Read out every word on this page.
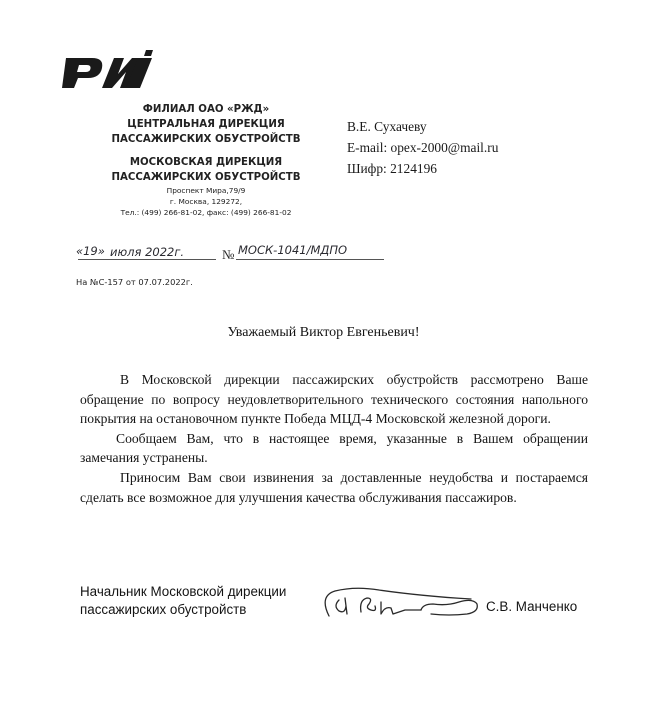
ФИЛИАЛ ОАО «РЖД»
ЦЕНТРАЛЬНАЯ ДИРЕКЦИЯ
ПАССАЖИРСКИХ ОБУСТРОЙСТВ
МОСКОВСКАЯ ДИРЕКЦИЯ
ПАССАЖИРСКИХ ОБУСТРОЙСТВ
Проспект Мира,79/9
г. Москва, 129272,
Тел.: (499) 266-81-02, факс: (499) 266-81-02
В.Е. Сухачеву
E-mail: opex-2000@mail.ru
Шифр: 2124196
«19» июля 2022г.	№ МОСК-1041/МДПО
На №С-157 от 07.07.2022г.
Уважаемый Виктор Евгеньевич!

В Московской дирекции пассажирских обустройств рассмотрено Ваше обращение по вопросу неудовлетворительного технического состояния напольного покрытия на остановочном пункте Победа МЦД-4 Московской железной дороги.

Сообщаем Вам, что в настоящее время, указанные в Вашем обращении замечания устранены.

Приносим Вам свои извинения за доставленные неудобства и постараемся сделать все возможное для улучшения качества обслуживания пассажиров.

Начальник Московской дирекции
пассажирских обустройств	С.В. Манченко
